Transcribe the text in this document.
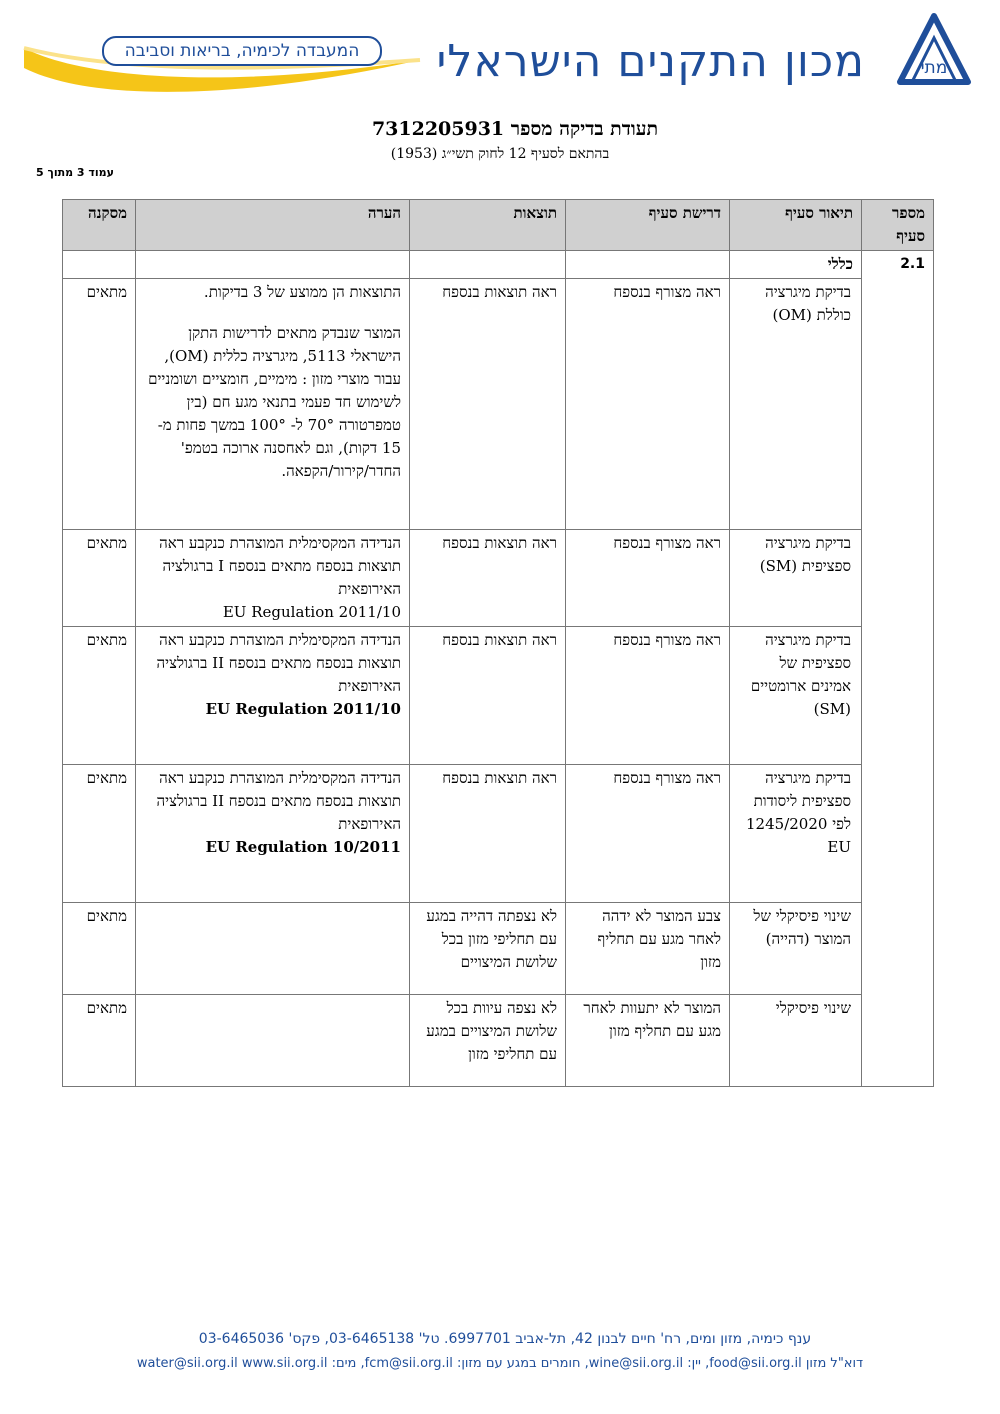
מתי
מכון התקנים הישראלי
המעבדה לכימיה, בריאות וסביבה
תעודת בדיקה מספר 7312205931
בהתאם לסעיף 12 לחוק תשי״ג (1953)
עמוד 3 מתוך 5
מספר סעיף	תיאור סעיף	דרישת סעיף	תוצאות	הערה	מסקנה
2.1	כללי				
	בדיקת מיגרציה כוללת (OM)	ראה מצורף בנספח	ראה תוצאות בנספח	התוצאות הן ממוצע של 3 בדיקות.
המוצר שנבדק מתאים לדרישות התקן הישראלי 5113, מיגרציה כללית (OM), עבור מוצרי מזון : מימיים, חומציים ושומניים לשימוש חד פעמי בתנאי מגע חם (בין טמפרטורה 70° ל- 100° במשך פחות מ- 15 דקות), וגם לאחסנה ארוכה בטמפ' החדר/קירור/הקפאה.	מתאים
	בדיקת מיגרציה ספציפית (SM)	ראה מצורף בנספח	ראה תוצאות בנספח	הנדידה המקסימלית המוצהרת כנקבע ראה תוצאות בנספח מתאים בנספח I ברגולציה האירופאית
EU Regulation 2011/10	מתאים
	בדיקת מיגרציה ספציפית של אמינים ארומטיים (SM)	ראה מצורף בנספח	ראה תוצאות בנספח	הנדידה המקסימלית המוצהרת כנקבע ראה תוצאות בנספח מתאים בנספח II ברגולציה האירופאית
EU Regulation 2011/10	מתאים
	בדיקת מיגרציה ספציפית ליסודות לפי 1245/2020 EU	ראה מצורף בנספח	ראה תוצאות בנספח	הנדידה המקסימלית המוצהרת כנקבע ראה תוצאות בנספח מתאים בנספח II ברגולציה האירופאית
EU Regulation 10/2011	מתאים
	שינוי פיסיקלי של המוצר (דהייה)	צבע המוצר לא ידהה לאחר מגע עם תחליף מזון	לא נצפתה דהייה במגע עם תחליפי מזון בכל שלושת המיצויים		מתאים
	שינוי פיסיקלי	המוצר לא יתעוות לאחר מגע עם תחליף מזון	לא נצפה עיוות בכל שלושת המיצויים במגע עם תחליפי מזון		מתאים
ענף כימיה, מזון ומים, רח' חיים לבנון 42, תל-אביב 6997701. טל' 03-6465138, פקס' 03-6465036
דוא"ל מזון food@sii.org.il, יין: wine@sii.org.il, חומרים במגע עם מזון: fcm@sii.org.il, מים: water@sii.org.il www.sii.org.il
